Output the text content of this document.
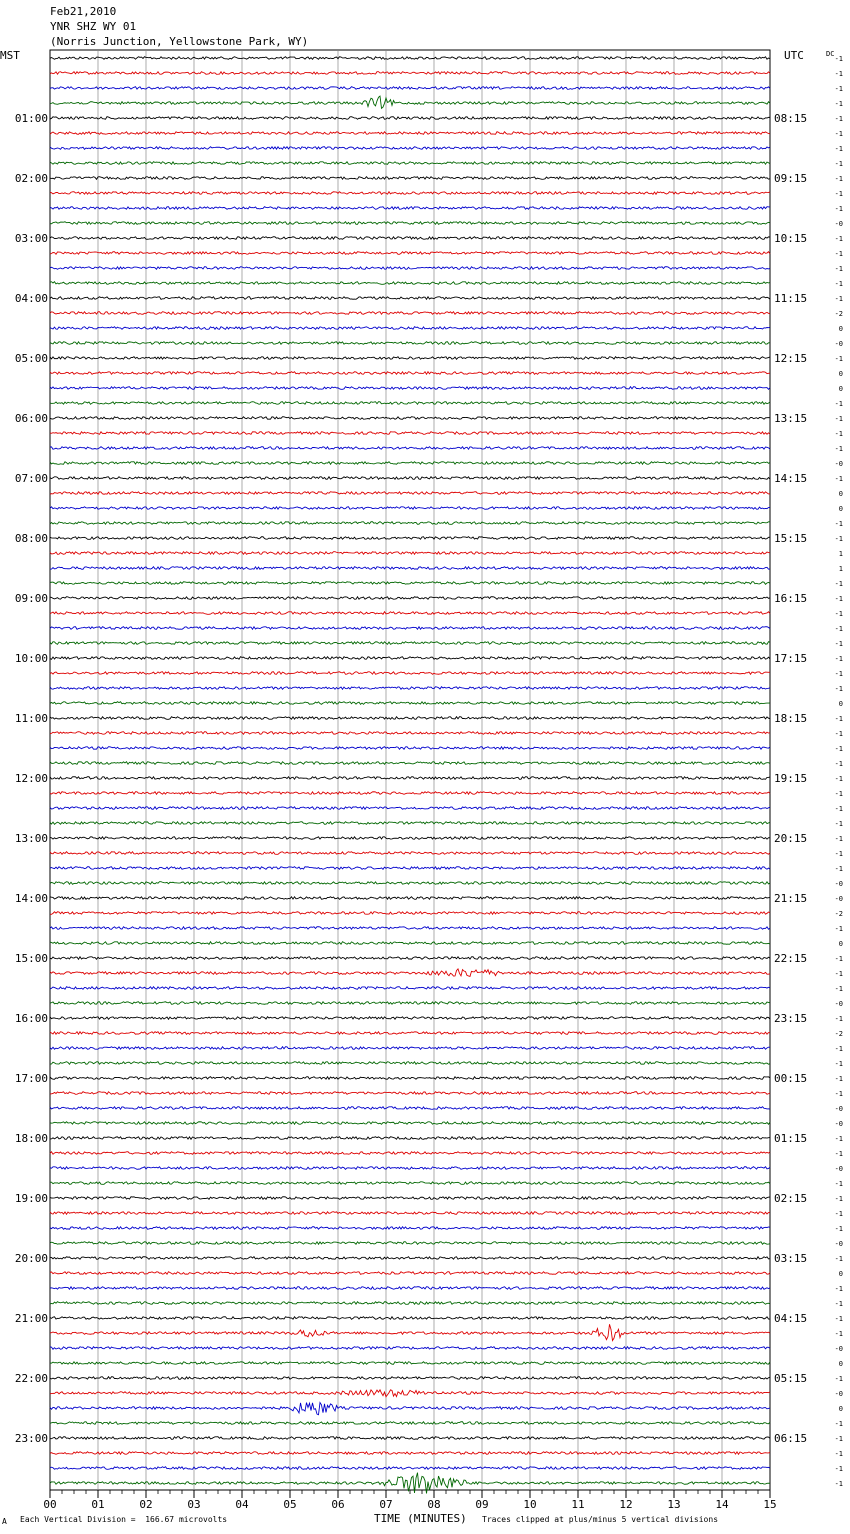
Feb21,2010
YNR SHZ WY 01
(Norris Junction, Yellowstone Park, WY)
MST	UTC	DC
00	01	02	03	04	05	06	07	08	09	10	11	12	13	14	15
-1
-1
-1
-1
-1
01:00	08:15
-1
-1
-1
-1
02:00	09:15
-1
-1
-0
-1
03:00	10:15
-1
-1
-1
-1
04:00	11:15
-2
0
-0
-1
05:00	12:15
0
0
-1
-1
06:00	13:15
-1
-1
-0
-1
07:00	14:15
0
0
-1
-1
08:00	15:15
1
1
-1
-1
09:00	16:15
-1
-1
-1
-1
10:00	17:15
-1
-1
0
-1
11:00	18:15
-1
-1
-1
-1
12:00	19:15
-1
-1
-1
-1
13:00	20:15
-1
-1
-0
-0
14:00	21:15
-2
-1
0
-1
15:00	22:15
-1
-1
-0
-1
16:00	23:15
-2
-1
-1
-1
17:00	00:15
-1
-0
-0
-1
18:00	01:15
-1
-0
-1
-1
19:00	02:15
-1
-1
-0
-1
20:00	03:15
0
-1
-1
-1
21:00	04:15
-1
-0
0
-1
22:00	05:15
-0
0
-1
-1
23:00	06:15
-1
-1
-1
TIME (MINUTES)
A Each Vertical Division =  166.67 microvolts	Traces clipped at plus/minus 5 vertical divisions
